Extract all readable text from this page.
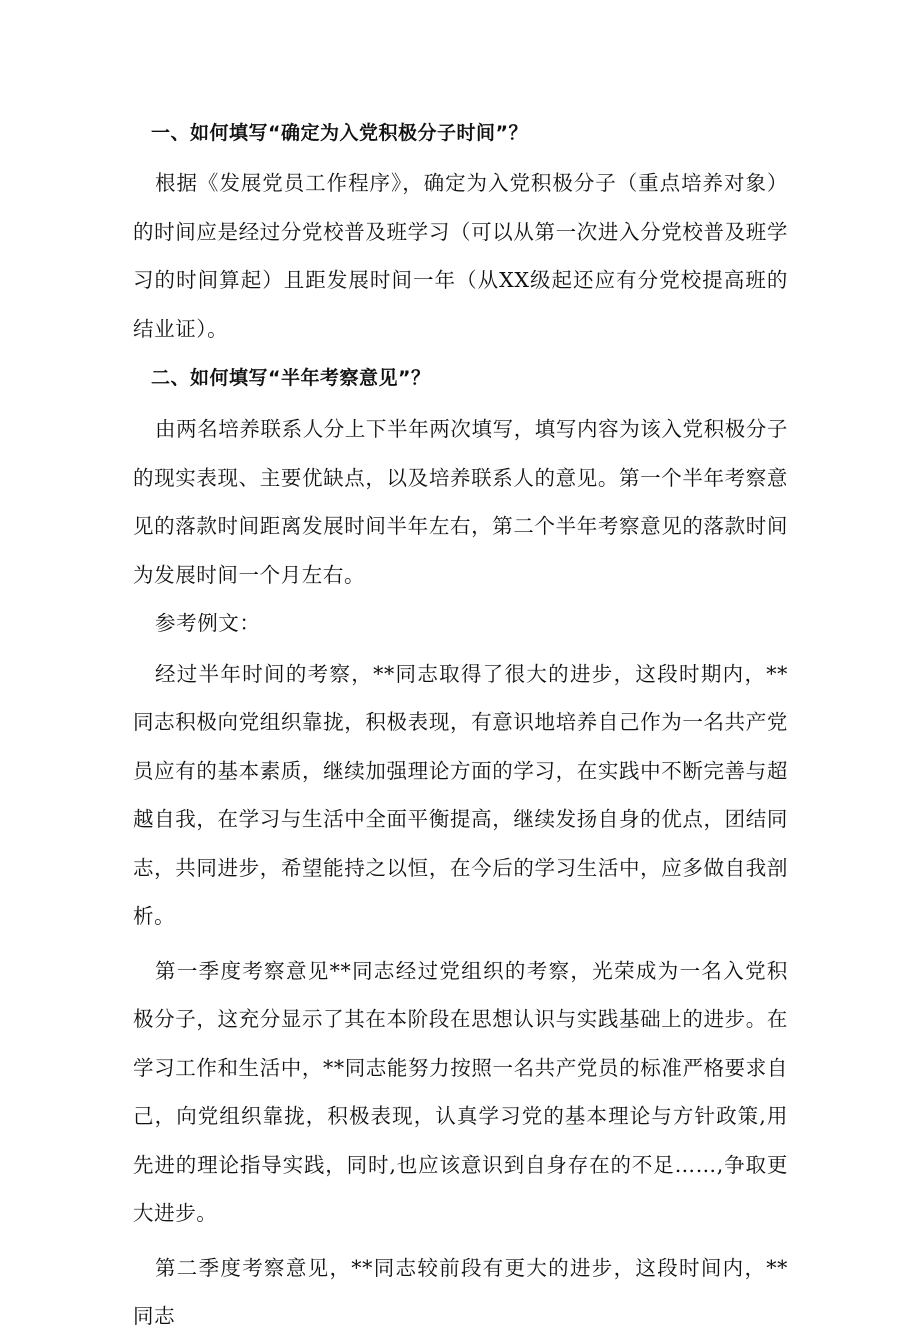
一、如何填写“确定为入党积极分子时间”？

根据《发展党员工作程序》，确定为入党积极分子（重点培养对象）的时间应是经过分党校普及班学习（可以从第一次进入分党校普及班学习的时间算起）且距发展时间一年（从XX级起还应有分党校提高班的结业证）。

二、如何填写“半年考察意见”？

由两名培养联系人分上下半年两次填写，填写内容为该入党积极分子的现实表现、主要优缺点，以及培养联系人的意见。第一个半年考察意见的落款时间距离发展时间半年左右，第二个半年考察意见的落款时间为发展时间一个月左右。

参考例文：

经过半年时间的考察，**同志取得了很大的进步，这段时期内，**同志积极向党组织靠拢，积极表现，有意识地培养自己作为一名共产党员应有的基本素质，继续加强理论方面的学习，在实践中不断完善与超越自我，在学习与生活中全面平衡提高，继续发扬自身的优点，团结同志，共同进步，希望能持之以恒，在今后的学习生活中，应多做自我剖析。

第一季度考察意见**同志经过党组织的考察，光荣成为一名入党积极分子，这充分显示了其在本阶段在思想认识与实践基础上的进步。在学习工作和生活中，**同志能努力按照一名共产党员的标准严格要求自己，向党组织靠拢，积极表现，认真学习党的基本理论与方针政策,用先进的理论指导实践，同时,也应该意识到自身存在的不足……,争取更大进步。

第二季度考察意见，**同志较前段有更大的进步，这段时间内，**同志
